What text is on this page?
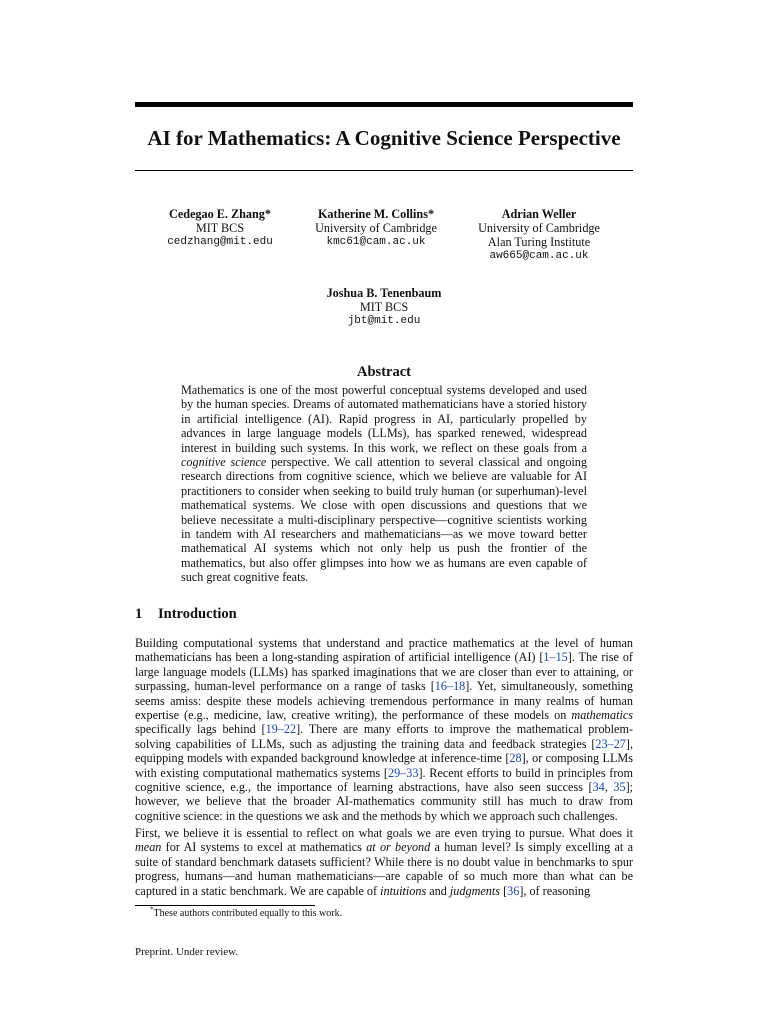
AI for Mathematics: A Cognitive Science Perspective
Cedegao E. Zhang*
MIT BCS
cedzhang@mit.edu
Katherine M. Collins*
University of Cambridge
kmc61@cam.ac.uk
Adrian Weller
University of Cambridge
Alan Turing Institute
aw665@cam.ac.uk
Joshua B. Tenenbaum
MIT BCS
jbt@mit.edu
Abstract

Mathematics is one of the most powerful conceptual systems developed and used by the human species. Dreams of automated mathematicians have a storied history in artificial intelligence (AI). Rapid progress in AI, particularly propelled by advances in large language models (LLMs), has sparked renewed, widespread interest in building such systems. In this work, we reflect on these goals from a cognitive science perspective. We call attention to several classical and ongoing research directions from cognitive science, which we believe are valuable for AI practitioners to consider when seeking to build truly human (or superhuman)-level mathematical systems. We close with open discussions and questions that we believe necessitate a multi-disciplinary perspective—cognitive scientists working in tandem with AI researchers and mathematicians—as we move toward better mathematical AI systems which not only help us push the frontier of the mathematics, but also offer glimpses into how we as humans are even capable of such great cognitive feats.

1 Introduction

Building computational systems that understand and practice mathematics at the level of human mathematicians has been a long-standing aspiration of artificial intelligence (AI) [1–15]. The rise of large language models (LLMs) has sparked imaginations that we are closer than ever to attaining, or surpassing, human-level performance on a range of tasks [16–18]. Yet, simultaneously, something seems amiss: despite these models achieving tremendous performance in many realms of human expertise (e.g., medicine, law, creative writing), the performance of these models on mathematics specifically lags behind [19–22]. There are many efforts to improve the mathematical problem-solving capabilities of LLMs, such as adjusting the training data and feedback strategies [23–27], equipping models with expanded background knowledge at inference-time [28], or composing LLMs with existing computational mathematics systems [29–33]. Recent efforts to build in principles from cognitive science, e.g., the importance of learning abstractions, have also seen success [34, 35]; however, we believe that the broader AI-mathematics community still has much to draw from cognitive science: in the questions we ask and the methods by which we approach such challenges.

First, we believe it is essential to reflect on what goals we are even trying to pursue. What does it mean for AI systems to excel at mathematics at or beyond a human level? Is simply excelling at a suite of standard benchmark datasets sufficient? While there is no doubt value in benchmarks to spur progress, humans—and human mathematicians—are capable of so much more than what can be captured in a static benchmark. We are capable of intuitions and judgments [36], of reasoning

*These authors contributed equally to this work.

Preprint. Under review.
